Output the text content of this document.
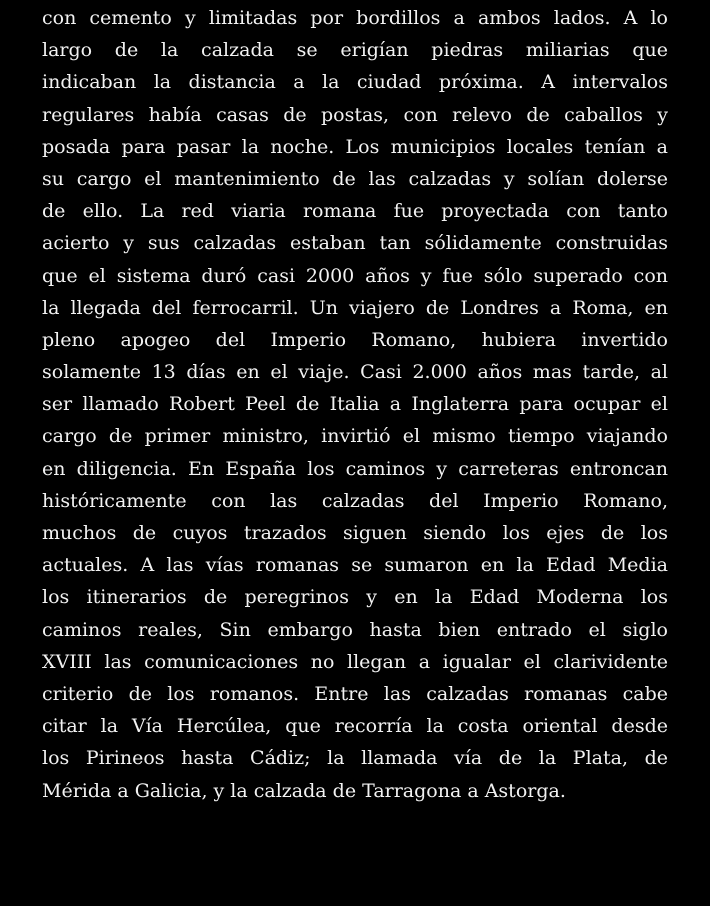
con cemento y limitadas por bordillos a ambos lados. A lo
largo de la calzada se erigían piedras miliarias que
indicaban la distancia a la ciudad próxima. A intervalos
regulares había casas de postas, con relevo de caballos y
posada para pasar la noche. Los municipios locales tenían a
su cargo el mantenimiento de las calzadas y solían dolerse
de ello. La red viaria romana fue proyectada con tanto
acierto y sus calzadas estaban tan sólidamente construidas
que el sistema duró casi 2000 años y fue sólo superado con
la llegada del ferrocarril. Un viajero de Londres a Roma, en
pleno apogeo del Imperio Romano, hubiera invertido
solamente 13 días en el viaje. Casi 2.000 años mas tarde, al
ser llamado Robert Peel de Italia a Inglaterra para ocupar el
cargo de primer ministro, invirtió el mismo tiempo viajando
en diligencia. En España los caminos y carreteras entroncan
históricamente con las calzadas del Imperio Romano,
muchos de cuyos trazados siguen siendo los ejes de los
actuales. A las vías romanas se sumaron en la Edad Media
los itinerarios de peregrinos y en la Edad Moderna los
caminos reales, Sin embargo hasta bien entrado el siglo
XVIII las comunicaciones no llegan a igualar el clarividente
criterio de los romanos. Entre las calzadas romanas cabe
citar la Vía Hercúlea, que recorría la costa oriental desde
los Pirineos hasta Cádiz; la llamada vía de la Plata, de
Mérida a Galicia, y la calzada de Tarragona a Astorga.
